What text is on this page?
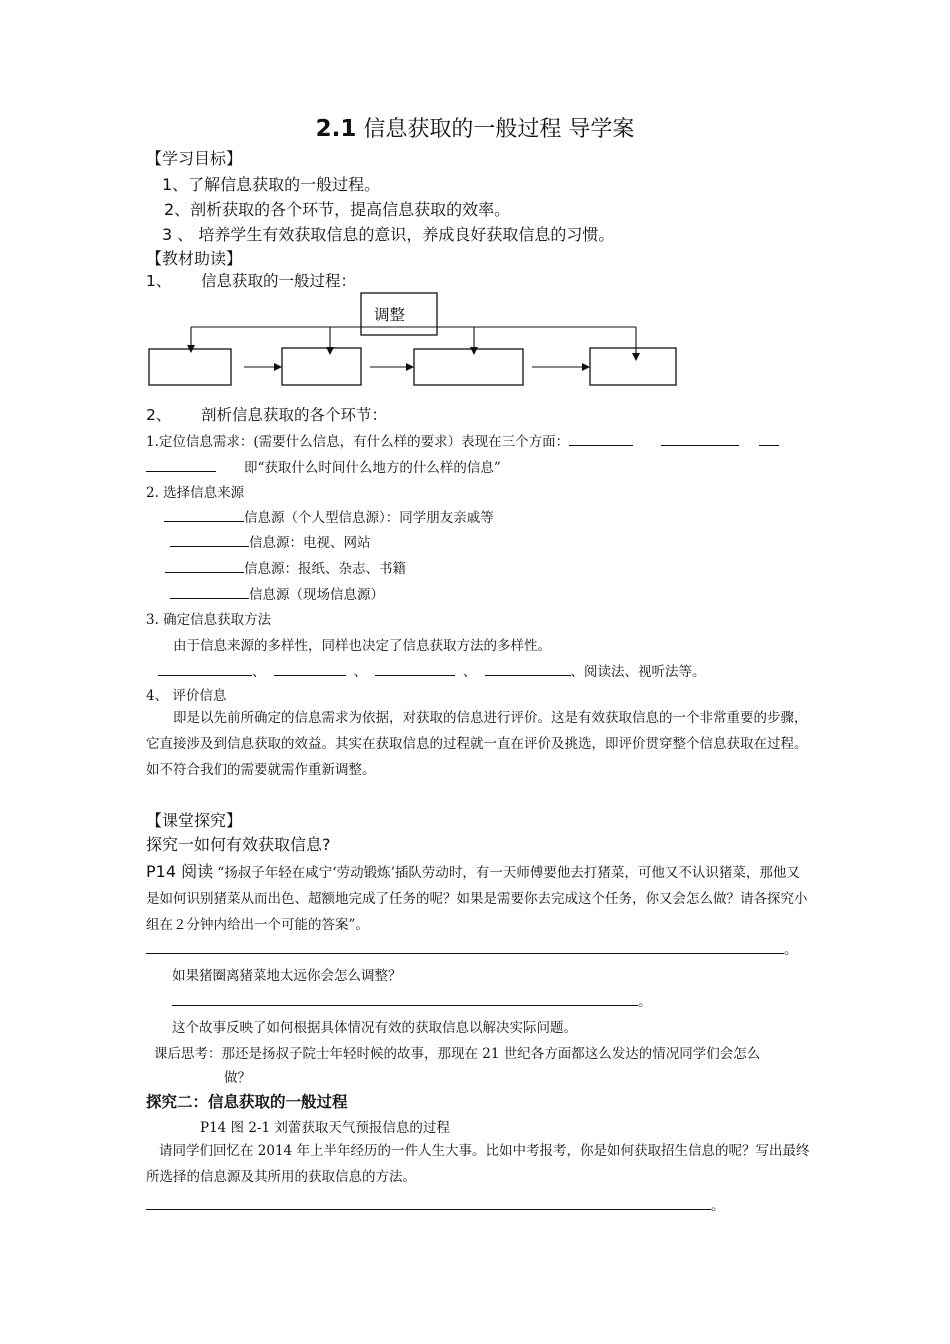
2.1 信息获取的一般过程 导学案
【学习目标】
1、了解信息获取的一般过程。
2、剖析获取的各个环节，提高信息获取的效率。
3 、 培养学生有效获取信息的意识，养成良好获取信息的习惯。
【教材助读】
1、 信息获取的一般过程：
调整
2、 剖析信息获取的各个环节：
1.定位信息需求：(需要什么信息，有什么样的要求）表现在三个方面：
即“获取什么时间什么地方的什么样的信息”
2. 选择信息来源
信息源（个人型信息源）：同学朋友亲戚等
信息源：电视、网站
信息源：报纸、杂志、书籍
信息源（现场信息源）
3. 确定信息获取方法
由于信息来源的多样性，同样也决定了信息获取方法的多样性。
、	、	、	、阅读法、视听法等。
4、 评价信息
即是以先前所确定的信息需求为依据，对获取的信息进行评价。这是有效获取信息的一个非常重要的步骤，它直接涉及到信息获取的效益。其实在获取信息的过程就一直在评价及挑选，即评价贯穿整个信息获取在过程。如不符合我们的需要就需作重新调整。
【课堂探究】
探究一如何有效获取信息?
P14 阅读 “扬叔子年轻在咸宁‘劳动锻炼’插队劳动时，有一天师傅要他去打猪菜，可他又不认识猪菜，那他又是如何识别猪菜从而出色、超额地完成了任务的呢？如果是需要你去完成这个任务，你又会怎么做？请各探究小组在２分钟内给出一个可能的答案”。
。
如果猪圈离猪菜地太远你会怎么调整？
。
这个故事反映了如何根据具体情况有效的获取信息以解决实际问题。
课后思考：那还是扬叔子院士年轻时候的故事，那现在 21 世纪各方面都这么发达的情况同学们会怎么
做？
探究二：信息获取的一般过程
P14 图 2-1 刘蕾获取天气预报信息的过程
请同学们回忆在 2014 年上半年经历的一件人生大事。比如中考报考，你是如何获取招生信息的呢？写出最终所选择的信息源及其所用的获取信息的方法。
。
